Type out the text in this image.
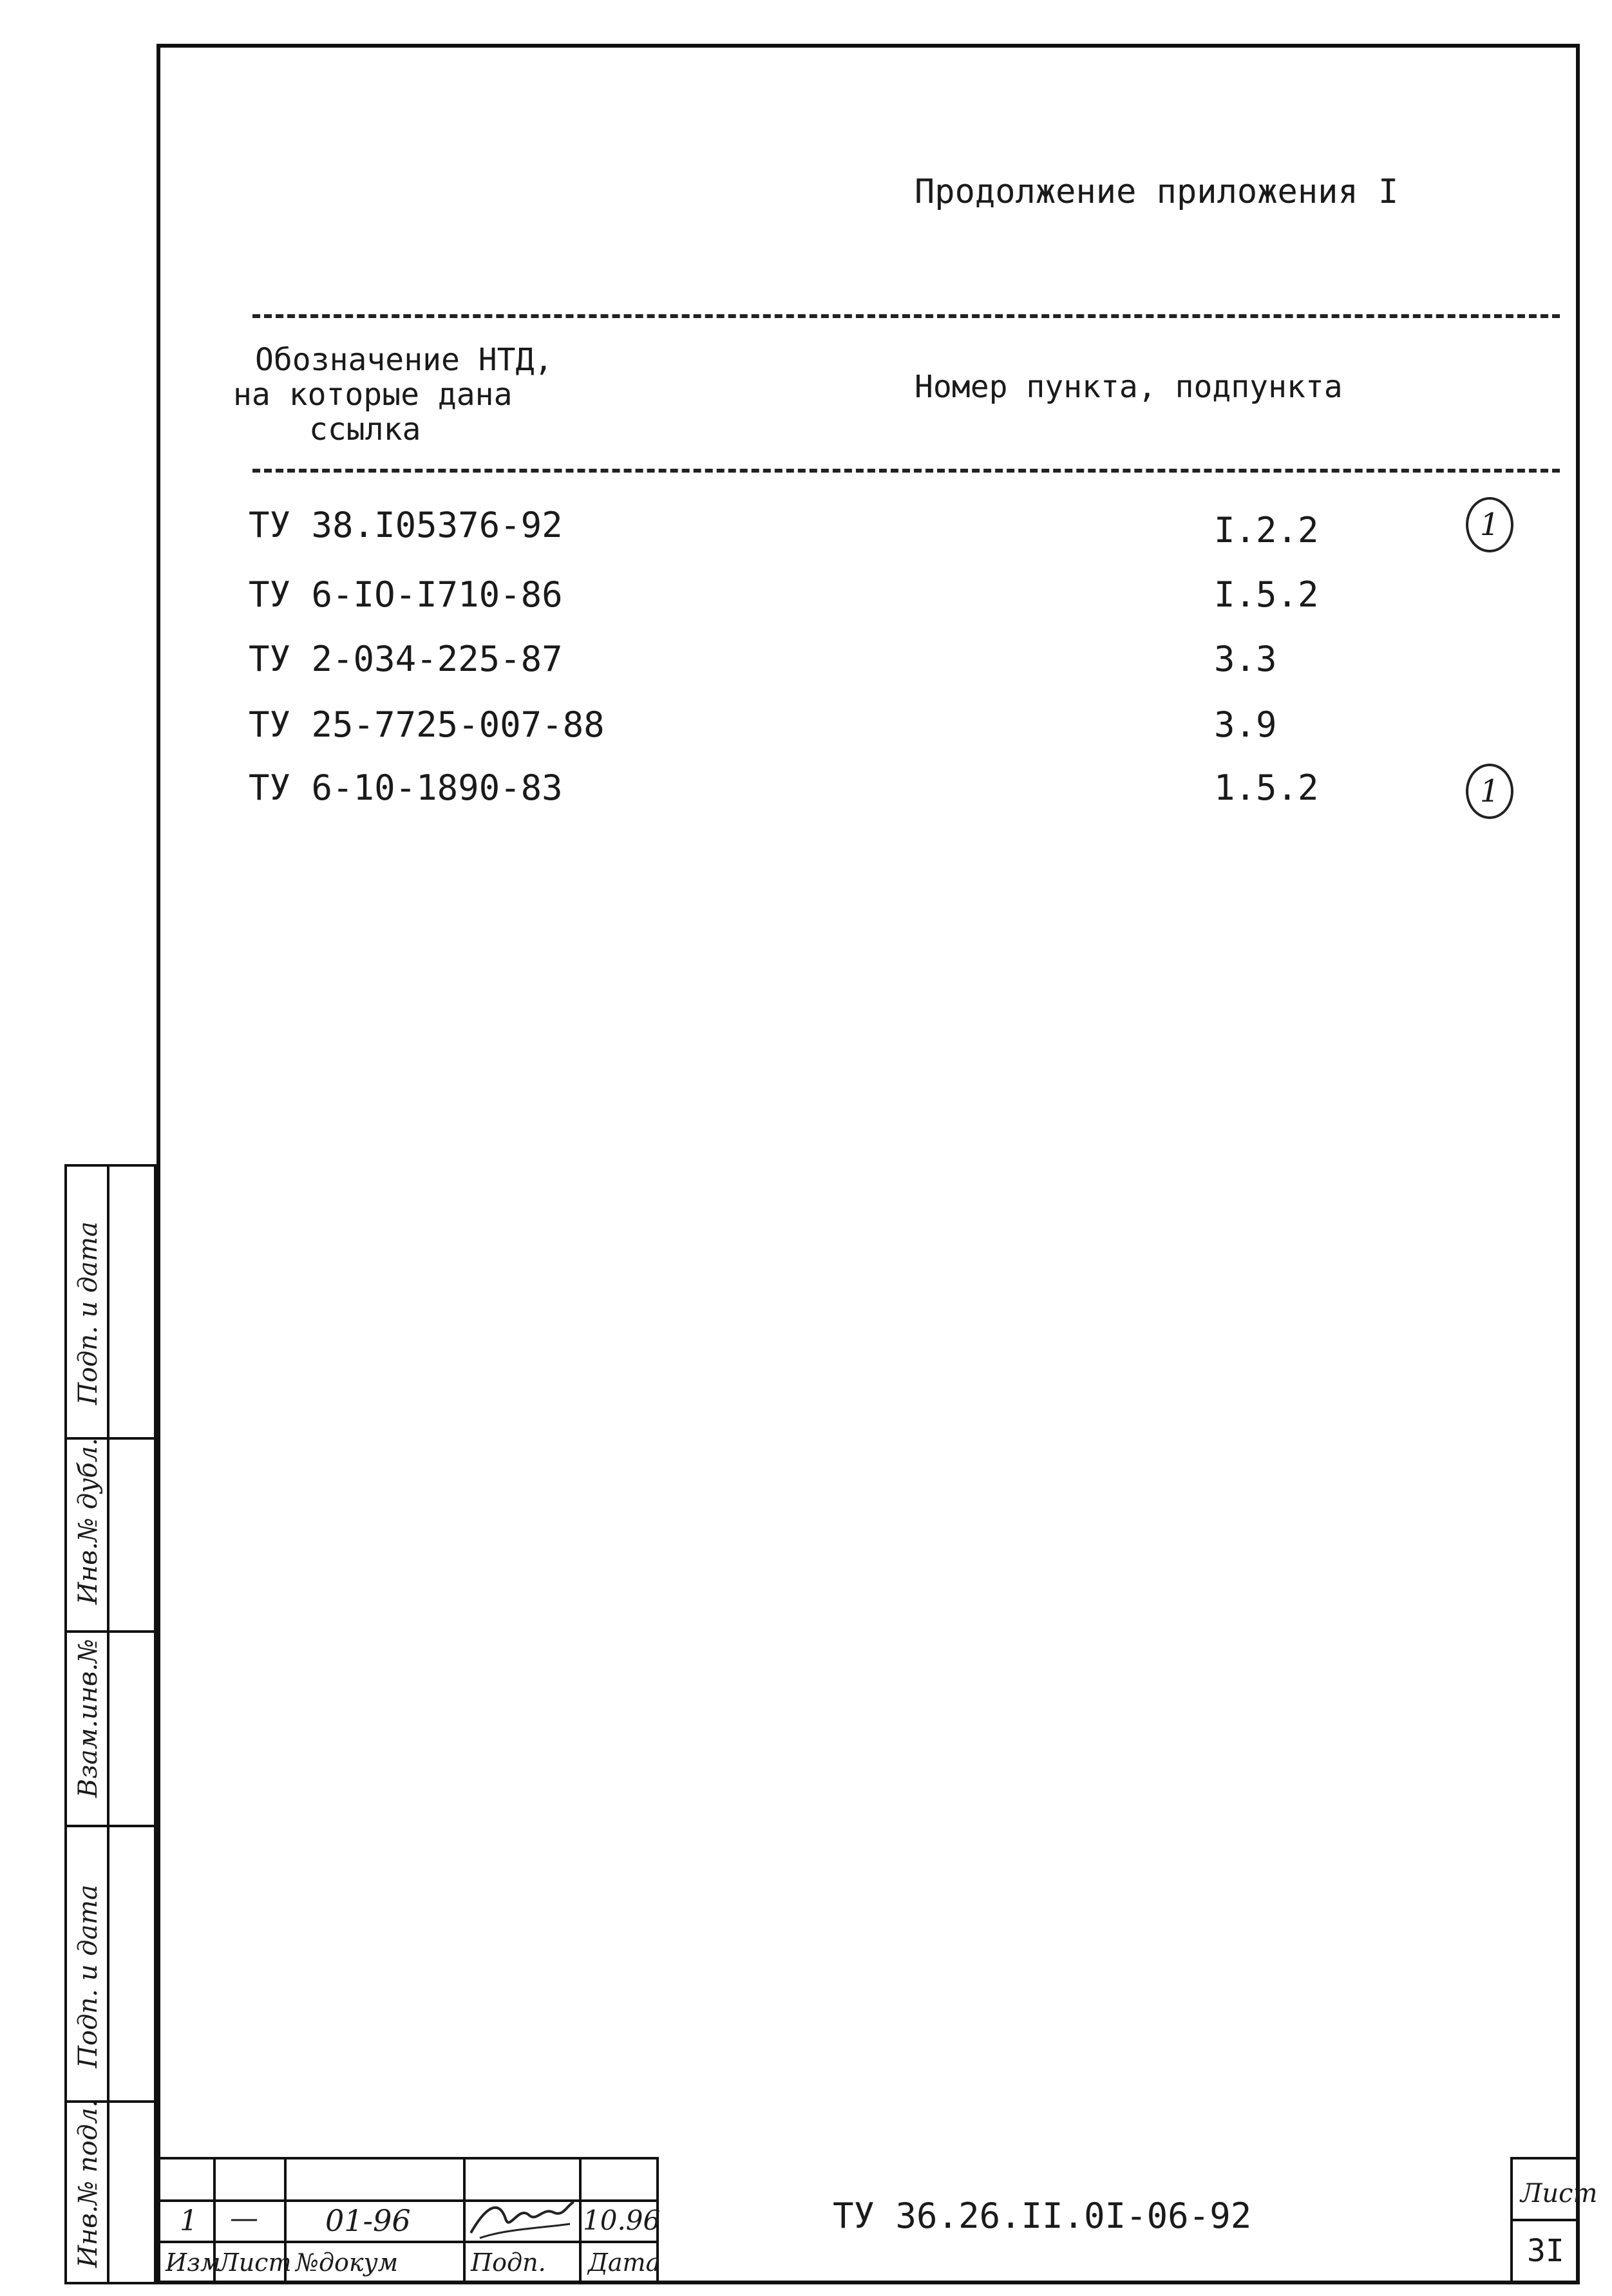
Продолжение приложения I
Обозначение НТД,
на которые дана
ссылка
Номер пункта, подпункта
ТУ 38.I05376-92	I.2.2	1
ТУ 6-IO-I710-86	I.5.2
ТУ 2-034-225-87	3.3
ТУ 25-7725-007-88	3.9
ТУ 6-10-1890-83	1.5.2	1
Подп. и дата
Инв.№ дубл.
Взам.инв.№
Подп. и дата
Инв.№ подл.	1 — 01-96	10.96
Изм
Лист №докум	Подп. Дата
ТУ 36.26.II.0I-06-92
Лист
3I
